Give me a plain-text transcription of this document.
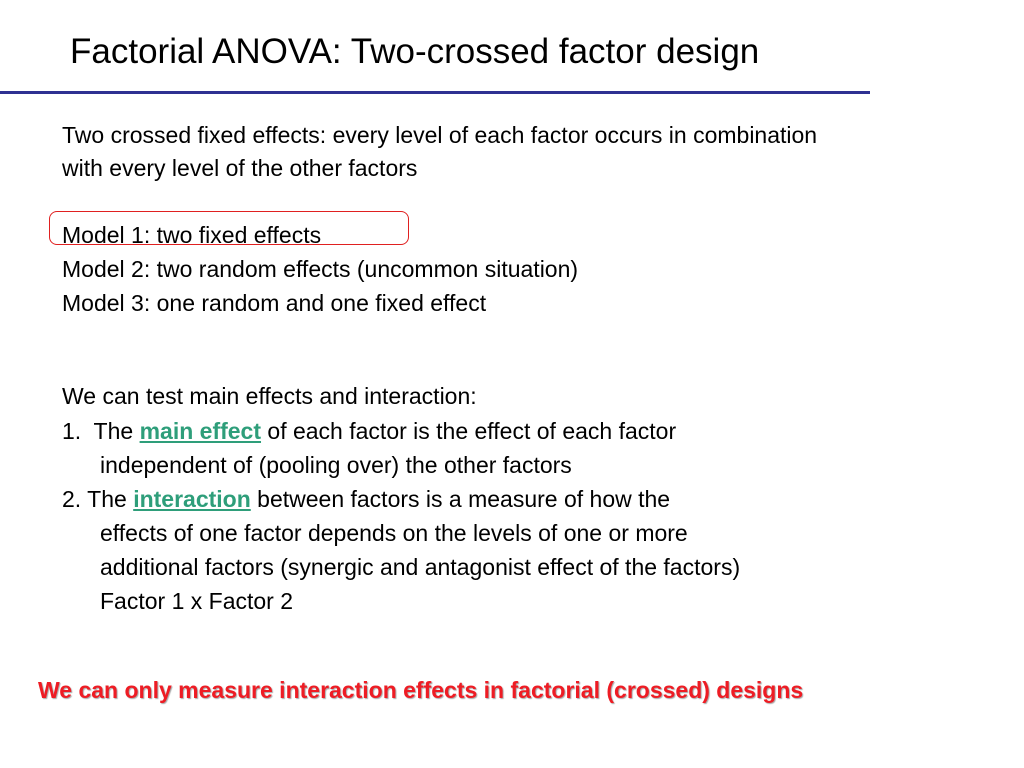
Factorial ANOVA: Two-crossed factor design
Two crossed fixed effects: every level of each factor occurs in combination
with every level of the other factors
Model 1: two fixed effects
Model 2: two random effects (uncommon situation)
Model 3: one random and one fixed effect
We can test main effects and interaction:
1.  The main effect of each factor is the effect of each factor
independent of (pooling over) the other factors
2. The interaction between factors is a measure of how the
effects of one factor depends on the levels of one or more
additional factors (synergic and antagonist effect of the factors)
Factor 1 x Factor 2
We can only measure interaction effects in factorial (crossed) designs
